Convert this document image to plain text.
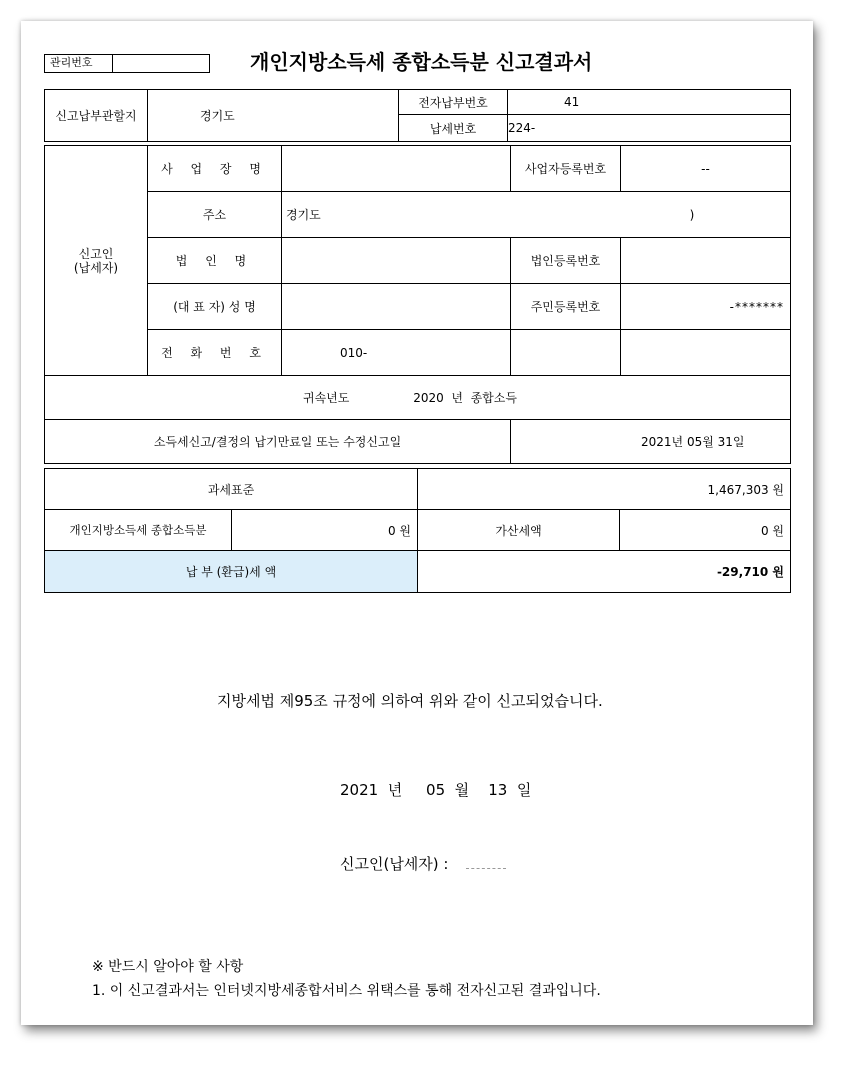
관리번호	개인지방소득세 종합소득분 신고결과서
신고납부관할지	경기도	전자납부번호	41
		납세번호	224-
신고인
(납세자)	사 업 장 명		사업자등록번호	--
	주소	경기도 )		
	법 인 명		법인등록번호	
	(대 표 자) 성 명		주민등록번호	-*******
	전 화 번 호	010-		
귀속년도 2020  년  종합소득				
소득세신고/결정의 납기만료일 또는 수정신고일			2021년 05월 31일	
과세표준		1,467,303 원	
개인지방소득세 종합소득분	0 원	가산세액	0 원
납 부 (환급)세 액		-29,710 원	
지방세법 제95조 규정에 의하여 위와 같이 신고되었습니다.
2021  년     05  월    13  일
신고인(납세자) :
※ 반드시 알아야 할 사항
1. 이 신고결과서는 인터넷지방세종합서비스 위택스를 통해 전자신고된 결과입니다.
